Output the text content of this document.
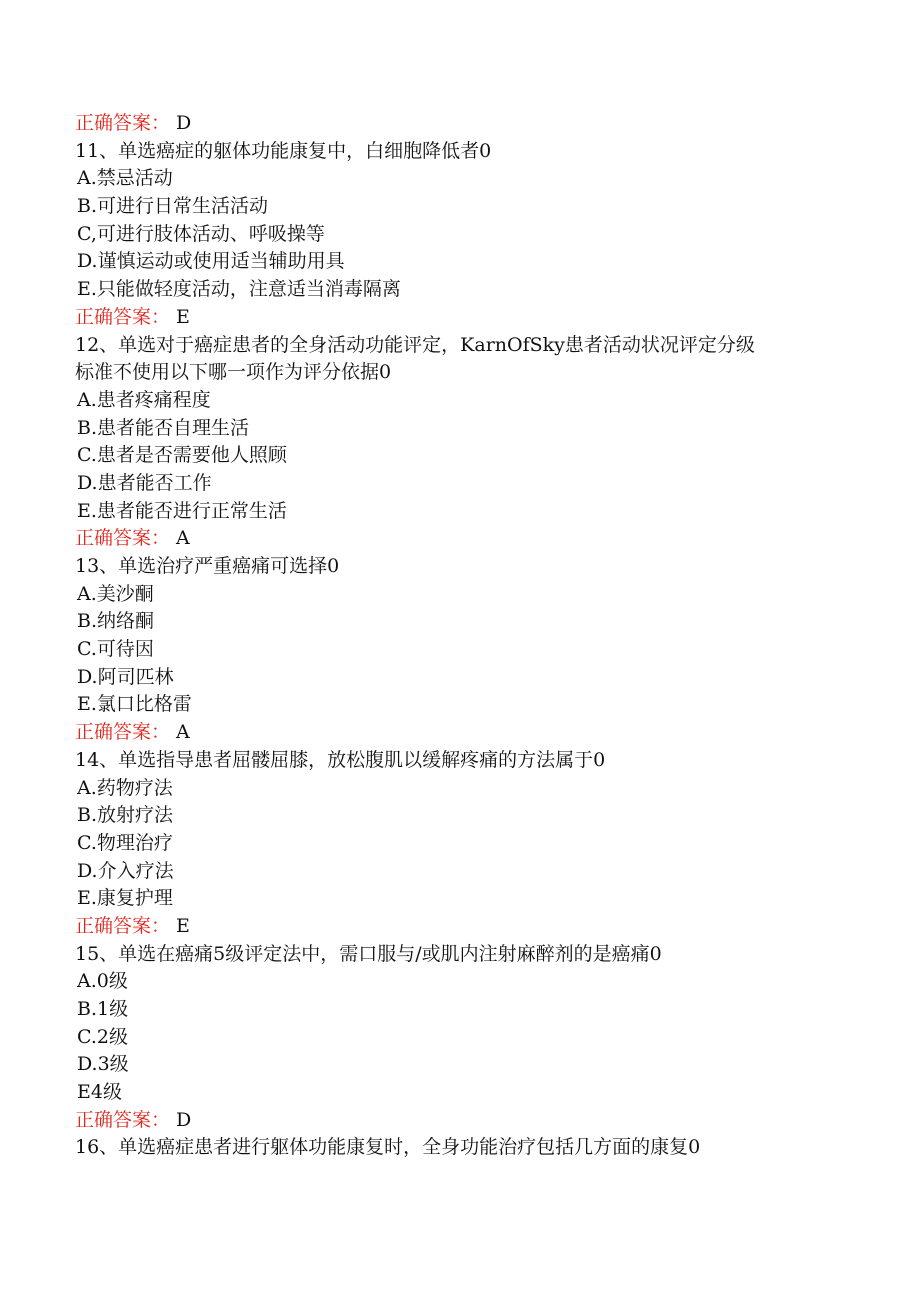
正确答案： D
11、单选癌症的躯体功能康复中，白细胞降低者0
A.禁忌活动
B.可进行日常生活活动
C,可进行肢体活动、呼吸操等
D.谨慎运动或使用适当辅助用具
E.只能做轻度活动，注意适当消毒隔离
正确答案： E
12、单选对于癌症患者的全身活动功能评定，KarnOfSky患者活动状况评定分级
标准不使用以下哪一项作为评分依据0
A.患者疼痛程度
B.患者能否自理生活
C.患者是否需要他人照顾
D.患者能否工作
E.患者能否进行正常生活
正确答案： A
13、单选治疗严重癌痛可选择0
A.美沙酮
B.纳络酮
C.可待因
D.阿司匹林
E.氯口比格雷
正确答案： A
14、单选指导患者屈髅屈膝，放松腹肌以缓解疼痛的方法属于0
A.药物疗法
B.放射疗法
C.物理治疗
D.介入疗法
E.康复护理
正确答案： E
15、单选在癌痛5级评定法中，需口服与/或肌内注射麻醉剂的是癌痛0
A.0级
B.1级
C.2级
D.3级
E4级
正确答案： D
16、单选癌症患者进行躯体功能康复时，全身功能治疗包括几方面的康复0
